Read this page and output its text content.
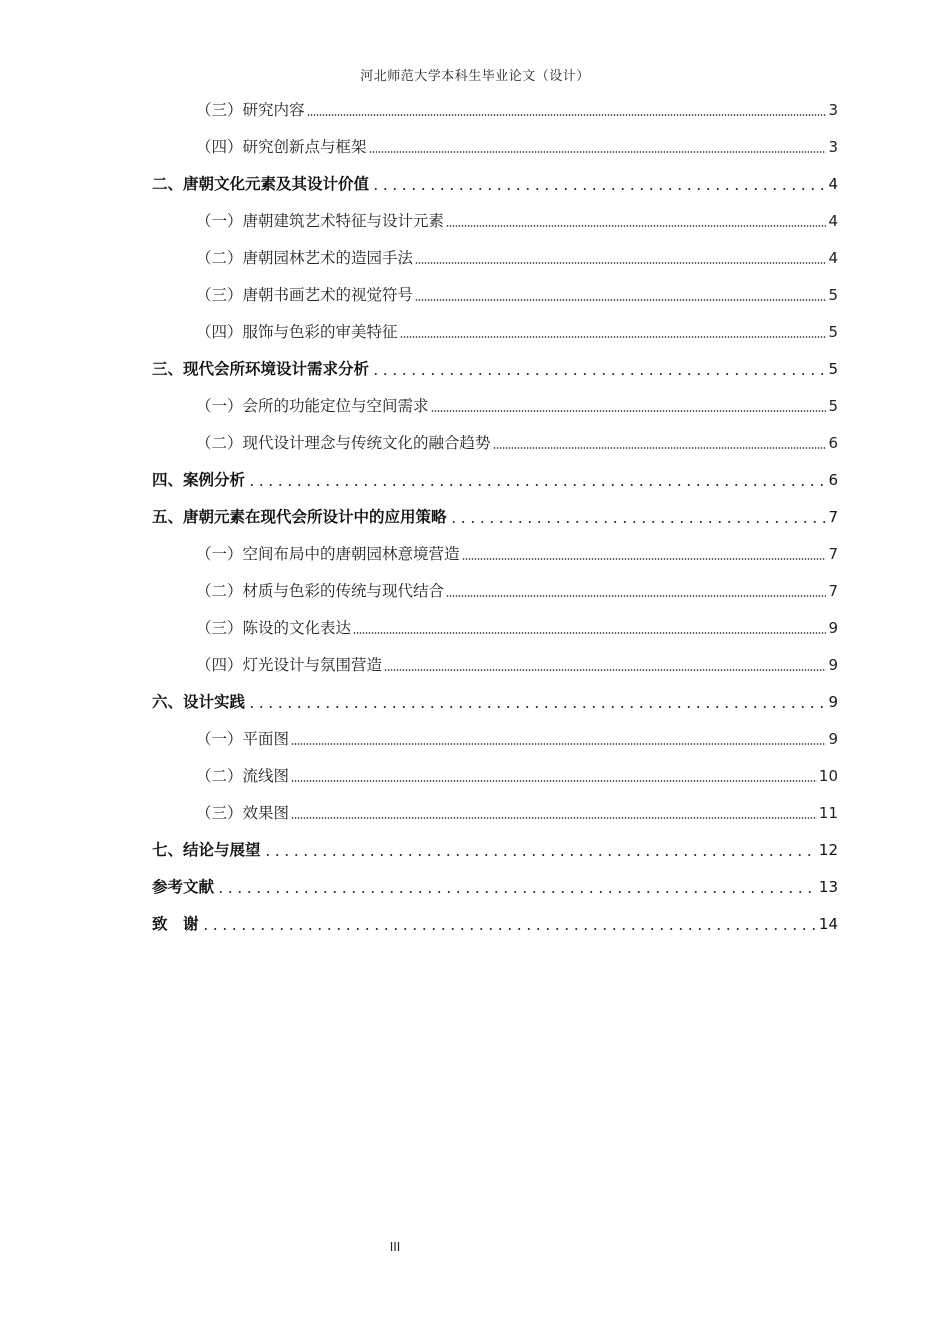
河北师范大学本科生毕业论文（设计）
（三）研究内容	3
（四）研究创新点与框架	3
二、唐朝文化元素及其设计价值	4
（一）唐朝建筑艺术特征与设计元素	4
（二）唐朝园林艺术的造园手法	4
（三）唐朝书画艺术的视觉符号	5
（四）服饰与色彩的审美特征	5
三、现代会所环境设计需求分析	5
（一）会所的功能定位与空间需求	5
（二）现代设计理念与传统文化的融合趋势	6
四、案例分析	6
五、唐朝元素在现代会所设计中的应用策略	7
（一）空间布局中的唐朝园林意境营造	7
（二）材质与色彩的传统与现代结合	7
（三）陈设的文化表达	9
（四）灯光设计与氛围营造	9
六、设计实践	9
（一）平面图	9
（二）流线图	10
（三）效果图	11
七、结论与展望	12
参考文献	13
致　谢	14
III
